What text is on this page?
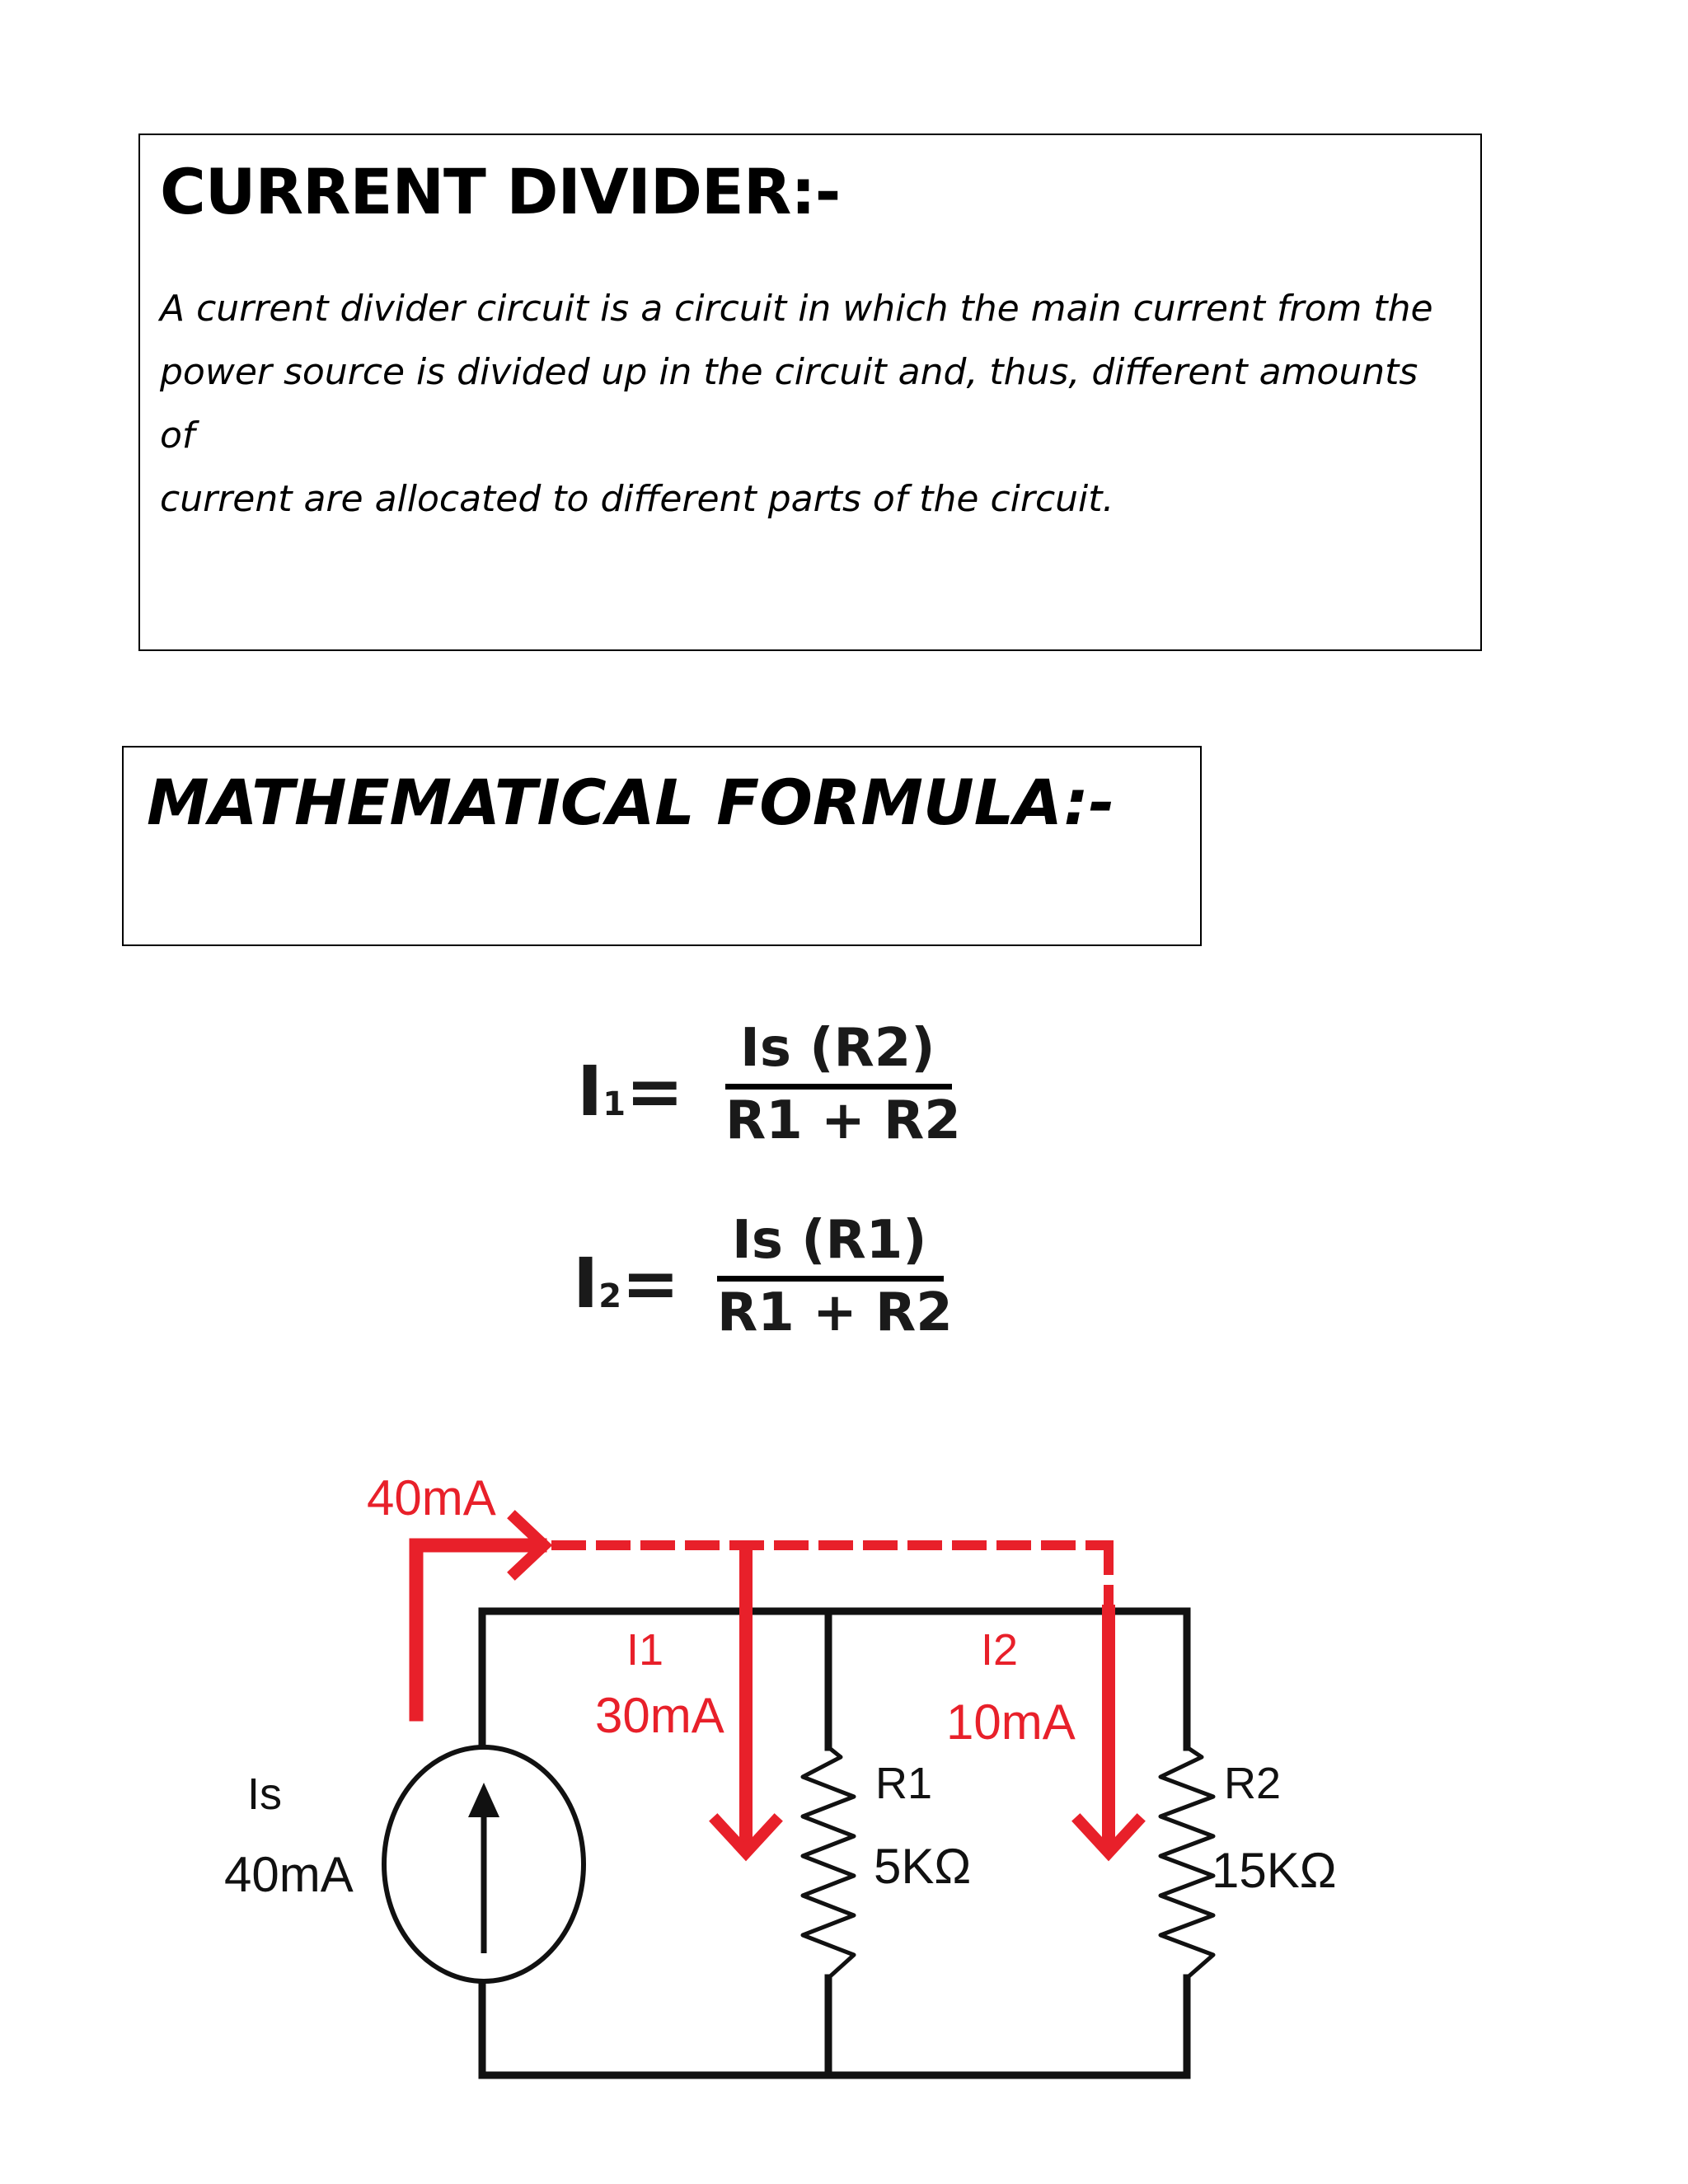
CURRENT DIVIDER:-

A current divider circuit is a circuit in which the main current from the
power source is divided up in the circuit and, thus, different amounts of
current are allocated to different parts of the circuit.

MATHEMATICAL FORMULA:-
I1=
Is (R2)
R1 + R2
I2=
Is (R1)
R1 + R2
40mA
Is
40mA
I1
30mA
I2
10mA
R1
5KΩ
R2
15KΩ
